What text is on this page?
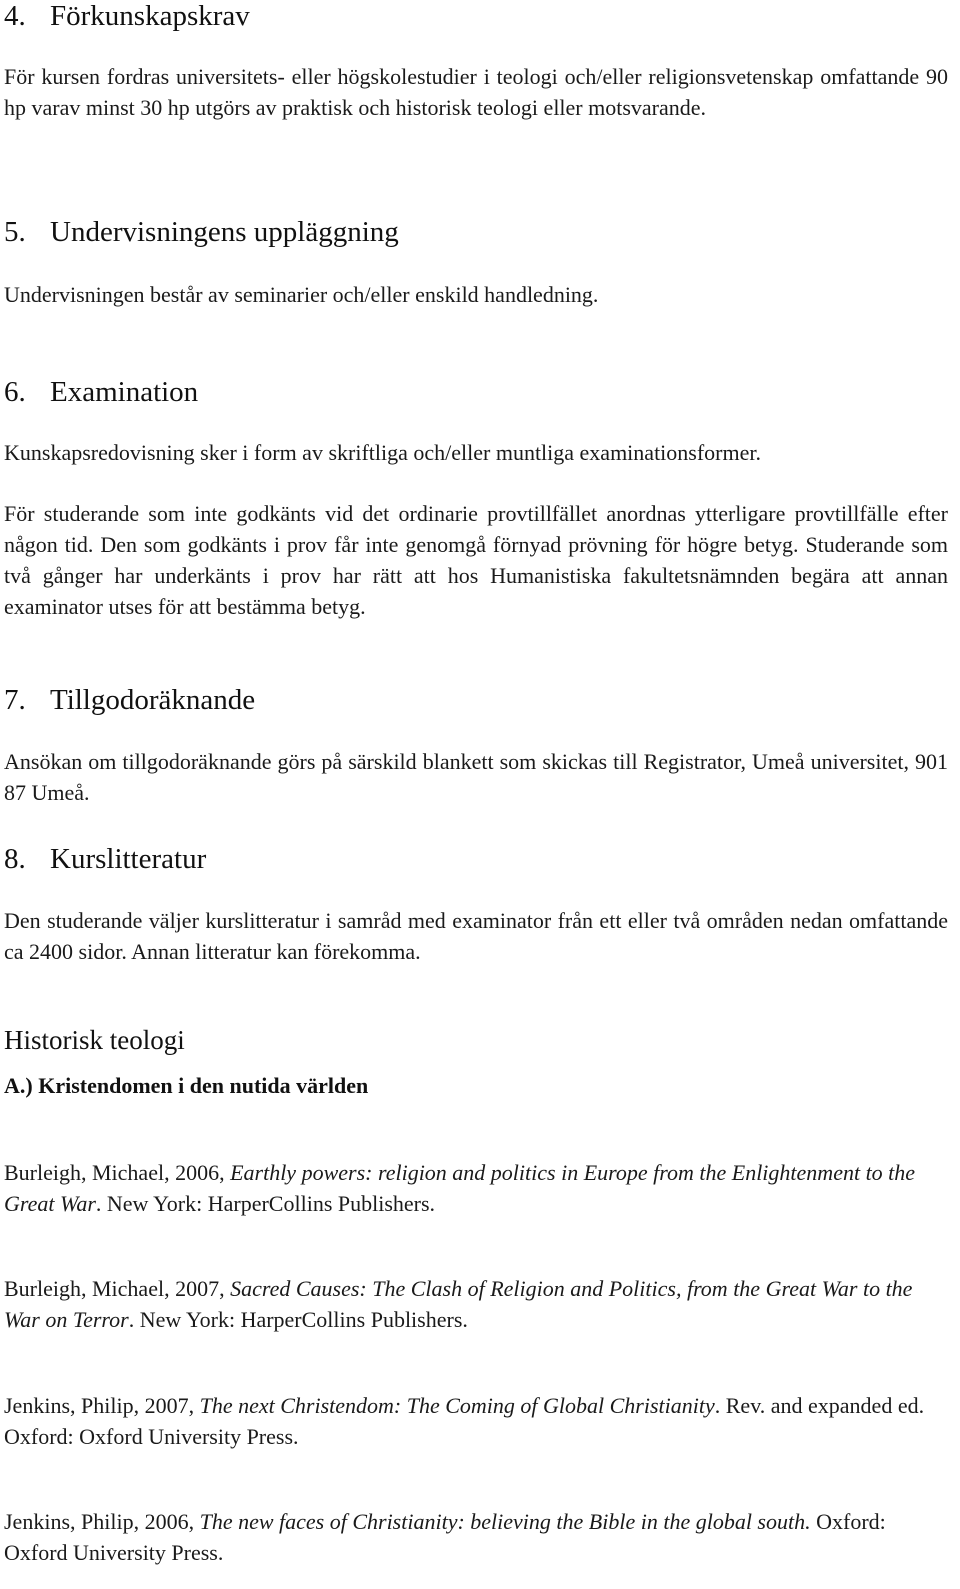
4. Förkunskapskrav

För kursen fordras universitets- eller högskolestudier i teologi och/eller religionsvetenskap omfattande 90 hp varav minst 30 hp utgörs av praktisk och historisk teologi eller motsvarande.

5. Undervisningens uppläggning

Undervisningen består av seminarier och/eller enskild handledning.

6. Examination

Kunskapsredovisning sker i form av skriftliga och/eller muntliga examinationsformer.

För studerande som inte godkänts vid det ordinarie provtillfället anordnas ytterligare provtillfälle efter någon tid. Den som godkänts i prov får inte genomgå förnyad prövning för högre betyg. Studerande som två gånger har underkänts i prov har rätt att hos Humanistiska fakultetsnämnden begära att annan examinator utses för att bestämma betyg.

7. Tillgodoräknande

Ansökan om tillgodoräknande görs på särskild blankett som skickas till Registrator, Umeå universitet, 901 87 Umeå.

8. Kurslitteratur

Den studerande väljer kurslitteratur i samråd med examinator från ett eller två områden nedan omfattande ca 2400 sidor. Annan litteratur kan förekomma.

Historisk teologi
A.) Kristendomen i den nutida världen

Burleigh, Michael, 2006, Earthly powers: religion and politics in Europe from the Enlightenment to the Great War. New York: HarperCollins Publishers.

Burleigh, Michael, 2007, Sacred Causes: The Clash of Religion and Politics, from the Great War to the War on Terror. New York: HarperCollins Publishers.

Jenkins, Philip, 2007, The next Christendom: The Coming of Global Christianity. Rev. and expanded ed. Oxford: Oxford University Press.

Jenkins, Philip, 2006, The new faces of Christianity: believing the Bible in the global south. Oxford: Oxford University Press.
